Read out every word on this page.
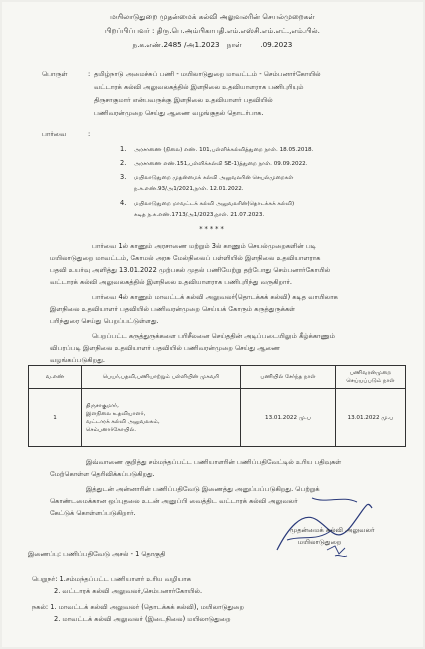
மயிலாடுதுறை முதன்மைக் கல்வி அலுவலரின் செயல்முறைகள்
பிறப்பிப்பவர் : திரு.பெ.அம்பிகாபதி.எம்.எஸ்சி.எம்.எட்.,எம்.பில்.
ந.க.எண்.2485 /அ1.2023 நாள்  .09.2023
பொருள்	: தமிழ்நாடு அமைச்சுப் பணி - மயிலாடுதுறை மாவட்டம் - செம்பனார்கோயில்
வட்டாரக் கல்வி அலுவலகத்தில் இளநிலை உதவியாளராக பணிபுரியும்
திருசாகுமார் என்பவருக்கு இளநிலை உதவியாளர் பதவியில்
பணிவரன்முறை செய்து ஆணை வழங்குதல் தொடர்பாக.
பார்வை	:
1. அரசாணை (நிலை) எண். 101,பள்ளிக்கல்வித்துறை நாள். 18.05.2018.
2. அரசாணை எண்.151,பள்ளிக்கல்வி SE-1)த்துறை நாள். 09.09.2022.
3. மயிலாடுதுறை முதன்மைக் கல்வி அலுவலரின் செயல்முறைகள்
ந.க.எண்.93/அ1/2021,நாள். 12.01.2022.
4. மயிலாடுதுறை மாவட்டக் கல்வி அலுவலரின்(தொடக்கக் கல்வி)
கடித ந.க.எண்.1713/அ1/2023,நாள். 21.07.2023.
*****
பார்வை 1ல் காணும் அரசாணை மற்றும் 3ல் காணும் செயல்முறைகளின் படி
மயிலாடுதுறை மாவட்டம், கோமல் அரசு மேல்நிலைப் பள்ளியில் இளநிலை உதவியாளராக
பதவி உயர்வு அளித்து 13.01.2022 முற்பகல் முதல் பணியேற்று தற்போது செம்பனார்கோயில்
வட்டாரக் கல்வி அலுவலகத்தில் இளநிலை உதவியாளராக பணிபுரிந்து வருகிறார்.
பார்வை 4ல் காணும் மாவட்டக் கல்வி அலுவலர்(தொடக்கக் கல்வி) கடித வாயிலாக
இளநிலை உதவியாளர் பதவியில் பணிவரன்முறை செய்யக் கோரும் கருத்துருக்கள்
பரிந்துரை செய்து பெறப்பட்டுள்ளது.
பெறப்பட்ட கருத்துருக்களை பரிசீலனை செய்ததின் அடிப்படையிலும் கீழ்க்காணும்
விபரப்படி இளநிலை உதவியாளர் பதவியில் பணிவரன்முறை செய்து ஆணை
வழங்கப்படுகிறது.
வ.எண்	பெயர்,பதவி,பணியாற்றும் பள்ளியின் முகவரி	பணியில் சேர்ந்த நாள்	பணிவரன்முறை செய்யப்படும் நாள்
1	திருசாகுமார்,
இளநிலை உதவியாளர்,
வட்டாரக் கல்வி அலுவலகம்,
செம்பனார்கோயில்.	13.01.2022 மு.ப	13.01.2022 மு.ப
இவ்வாணை குறித்து சம்மந்தப்பட்ட பணியாளரின் பணிப்பதிவேட்டில் உரிய பதிவுகள்
மேற்கொள்ள தெரிவிக்கப்படுகிறது.
இத்துடன் அன்னாரின் பணிப்பதிவேடு இணைத்து அனுப்பப்படுகிறது. பெற்றுக்
கொண்டமைக்கான ஒப்புதலை உடன் அனுப்பி வைத்திட வட்டாரக் கல்வி அலுவலர்
கேட்டுக் கொள்ளப்படுகிறார்.
முதன்மைக் கல்வி அலுவலர்
மயிலாடுதுறை
இணைப்பு: பணிப்பதிவேடு அசல் - 1 தொகுதி
பெறுநர்: 1.சம்மந்தப்பட்ட பணியாளர் உரிய வழியாக
2. வட்டாரக் கல்வி அலுவலர்,செம்பனார்கோயில்.
நகல்: 1. மாவட்டக் கல்வி அலுவலர் (தொடக்கக் கல்வி), மயிலாடுதுறை
2. மாவட்டக் கல்வி அலுவலர் (இடைநிலை) மயிலாடுதுறை
